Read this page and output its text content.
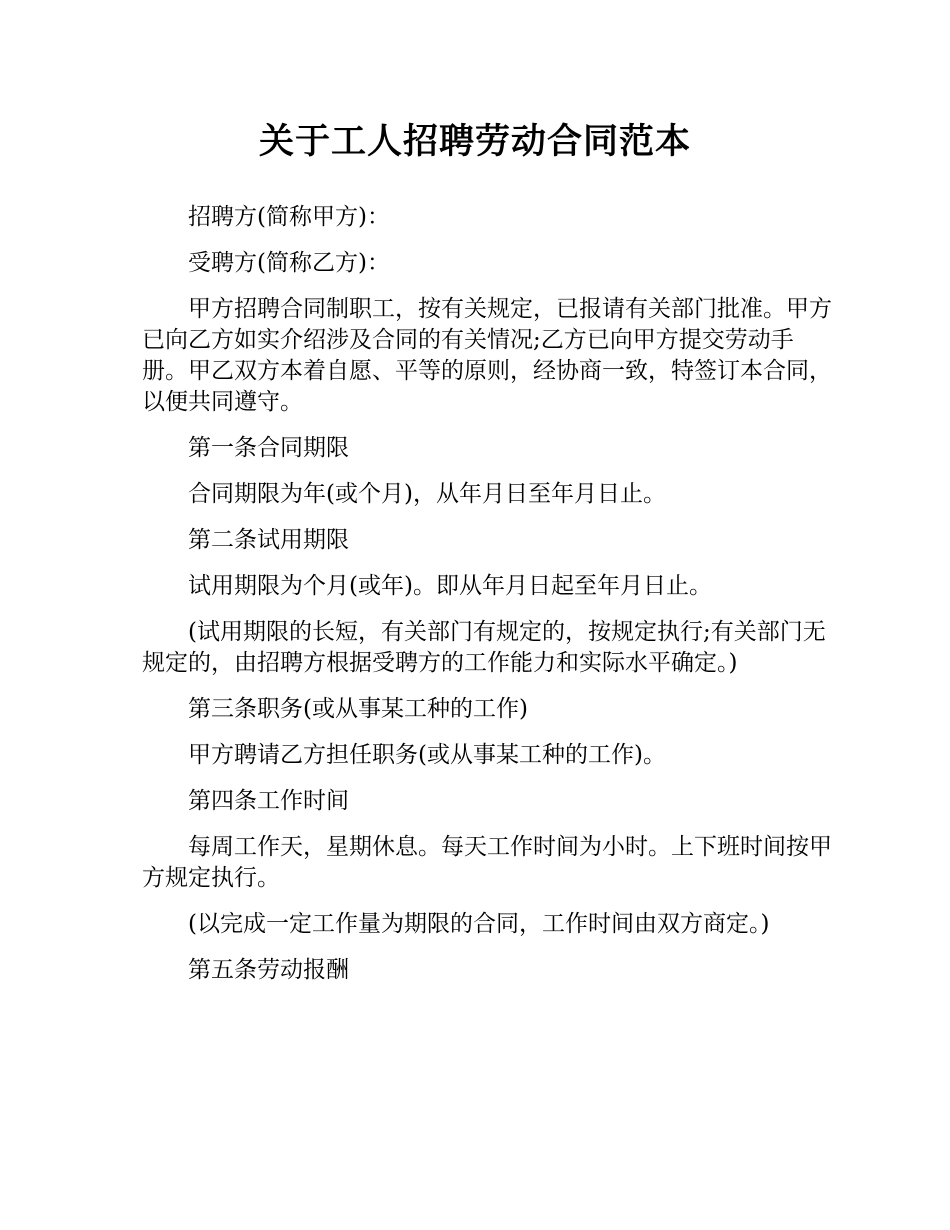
关于工人招聘劳动合同范本

招聘方(简称甲方)：

受聘方(简称乙方)：

甲方招聘合同制职工，按有关规定，已报请有关部门批准。甲方已向乙方如实介绍涉及合同的有关情况;乙方已向甲方提交劳动手册。甲乙双方本着自愿、平等的原则，经协商一致，特签订本合同，以便共同遵守。

第一条合同期限

合同期限为年(或个月)，从年月日至年月日止。

第二条试用期限

试用期限为个月(或年)。即从年月日起至年月日止。

(试用期限的长短，有关部门有规定的，按规定执行;有关部门无规定的，由招聘方根据受聘方的工作能力和实际水平确定。)

第三条职务(或从事某工种的工作)

甲方聘请乙方担任职务(或从事某工种的工作)。

第四条工作时间

每周工作天，星期休息。每天工作时间为小时。上下班时间按甲方规定执行。

(以完成一定工作量为期限的合同，工作时间由双方商定。)

第五条劳动报酬
